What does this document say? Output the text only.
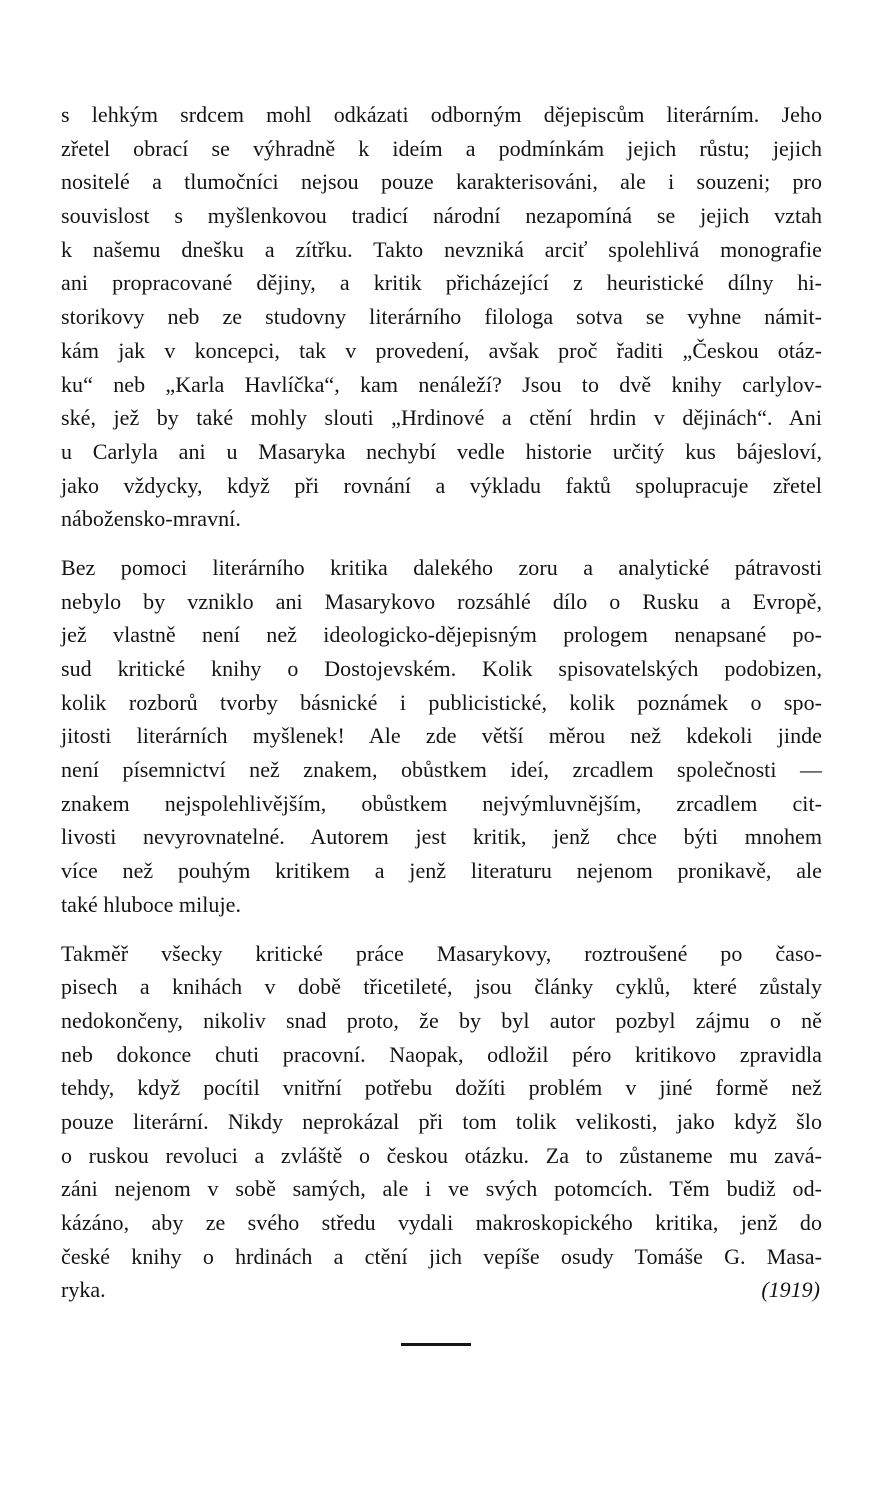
s lehkým srdcem mohl odkázati odborným dějepiscům literárním. Jeho
zřetel obrací se výhradně k ideím a podmínkám jejich růstu; jejich
nositelé a tlumočníci nejsou pouze karakterisováni, ale i souzeni; pro
souvislost s myšlenkovou tradicí národní nezapomíná se jejich vztah
k našemu dnešku a zítřku. Takto nevzniká arciť spolehlivá monografie
ani propracované dějiny, a kritik přicházející z heuristické dílny hi-
storikovy neb ze studovny literárního filologa sotva se vyhne námit-
kám jak v koncepci, tak v provedení, avšak proč řaditi „Českou otáz-
ku“ neb „Karla Havlíčka“, kam nenáleží? Jsou to dvě knihy carlylov-
ské, jež by také mohly slouti „Hrdinové a ctění hrdin v dějinách“. Ani
u Carlyla ani u Masaryka nechybí vedle historie určitý kus bájesloví,
jako vždycky, když při rovnání a výkladu faktů spolupracuje zřetel
nábožensko-mravní.
Bez pomoci literárního kritika dalekého zoru a analytické pátravosti
nebylo by vzniklo ani Masarykovo rozsáhlé dílo o Rusku a Evropě,
jež vlastně není než ideologicko-dějepisným prologem nenapsané po-
sud kritické knihy o Dostojevském. Kolik spisovatelských podobizen,
kolik rozborů tvorby básnické i publicistické, kolik poznámek o spo-
jitosti literárních myšlenek! Ale zde větší měrou než kdekoli jinde
není písemnictví než znakem, obůstkem ideí, zrcadlem společnosti —
znakem nejspolehlivějším, obůstkem nejvýmluvnějším, zrcadlem cit-
livosti nevyrovnatelné. Autorem jest kritik, jenž chce býti mnohem
více než pouhým kritikem a jenž literaturu nejenom pronikavě, ale
také hluboce miluje.
Takměř všecky kritické práce Masarykovy, roztroušené po časo-
pisech a knihách v době třicetileté, jsou články cyklů, které zůstaly
nedokončeny, nikoliv snad proto, že by byl autor pozbyl zájmu o ně
neb dokonce chuti pracovní. Naopak, odložil péro kritikovo zpravidla
tehdy, když pocítil vnitřní potřebu dožíti problém v jiné formě než
pouze literární. Nikdy neprokázal při tom tolik velikosti, jako když šlo
o ruskou revoluci a zvláště o českou otázku. Za to zůstaneme mu zavá-
záni nejenom v sobě samých, ale i ve svých potomcích. Těm budiž od-
kázáno, aby ze svého středu vydali makroskopického kritika, jenž do
české knihy o hrdinách a ctění jich vepíše osudy Tomáše G. Masa-
ryka.	(1919)
